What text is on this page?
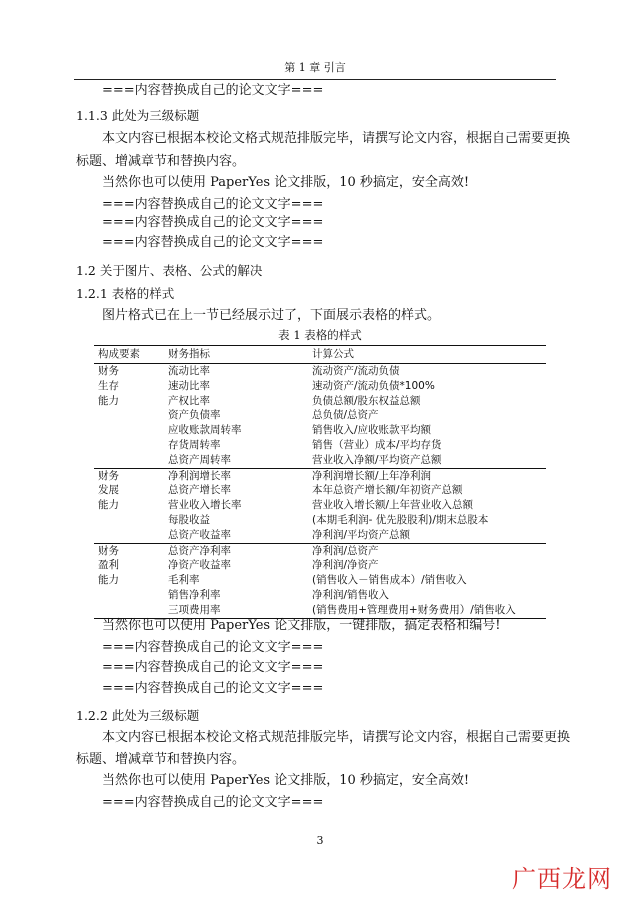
第 1 章 引言
===内容替换成自己的论文文字===
1.1.3 此处为三级标题
本文内容已根据本校论文格式规范排版完毕，请撰写论文内容，根据自己需要更换
标题、增减章节和替换内容。
当然你也可以使用 PaperYes 论文排版，10 秒搞定，安全高效!
===内容替换成自己的论文文字===
===内容替换成自己的论文文字===
===内容替换成自己的论文文字===
1.2 关于图片、表格、公式的解决
1.2.1 表格的样式
图片格式已在上一节已经展示过了，下面展示表格的样式。
表 1 表格的样式
构成要素	财务指标	计算公式
财务	流动比率	流动资产/流动负债
生存	速动比率	速动资产/流动负债*100%
能力	产权比率	负债总额/股东权益总额
	资产负债率	总负债/总资产
	应收账款周转率	销售收入/应收账款平均额
	存货周转率	销售（营业）成本/平均存货
	总资产周转率	营业收入净额/平均资产总额
财务	净利润增长率	净利润增长额/上年净利润
发展	总资产增长率	本年总资产增长额/年初资产总额
能力	营业收入增长率	营业收入增长额/上年营业收入总额
	每股收益	(本期毛利润- 优先股股利)/期末总股本
	总资产收益率	净利润/平均资产总额
财务	总资产净利率	净利润/总资产
盈利	净资产收益率	净利润/净资产
能力	毛利率	(销售收入－销售成本）/销售收入
	销售净利率	净利润/销售收入
	三项费用率	(销售费用+管理费用+财务费用）/销售收入
当然你也可以使用 PaperYes 论文排版，一键排版，搞定表格和编号!
===内容替换成自己的论文文字===
===内容替换成自己的论文文字===
===内容替换成自己的论文文字===
1.2.2 此处为三级标题
本文内容已根据本校论文格式规范排版完毕，请撰写论文内容，根据自己需要更换
标题、增减章节和替换内容。
当然你也可以使用 PaperYes 论文排版，10 秒搞定，安全高效!
===内容替换成自己的论文文字===
3
广西龙网
